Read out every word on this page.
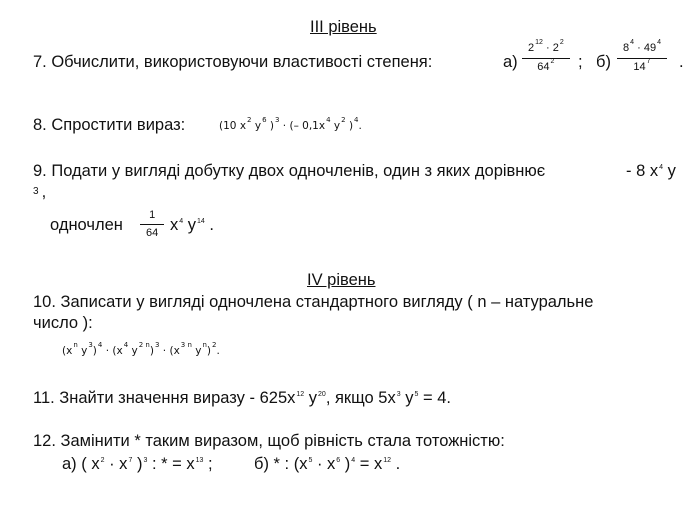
ІІІ рівень
7. Обчислити, використовуючи властивості степеня:	а)
$2^{12} \cdot 2^2$
$64^2$	; б)
$8^4 \cdot 49^4$
$14^7$	.
8. Спростити вираз:	(10 $x^2$ $y^6$ )$^3$ · (– $0,1x^4$ $y^2$ )$^4$.
9. Подати у вигляді добутку двох одночленів, один з яких дорівнює	- 8 $x^4$ y
3 ,
одночлен
1
64 $x^4$ $y^{14}$ .
IV рівень
10. Записати у вигляді одночлена стандартного вигляду ( n – натуральне
число ):
($x^n$ $y^3)^4 \cdot (x^4$ $y^{2 n})^3 \cdot (x^{3 n}$ $y^n)^2$.
11. Знайти значення виразу - $625x^{12}$ $y^{20}$, якщо $5x^3$ $y^5 = 4$.
12. Замінити * таким виразом, щоб рівність стала тотожністю:
а) ( $x^2 \cdot x^7$ )$^3$ : * = $x^{13}$ ;	б) * : ($x^5 \cdot x^6$ )$^4 = x^{12}$ .
